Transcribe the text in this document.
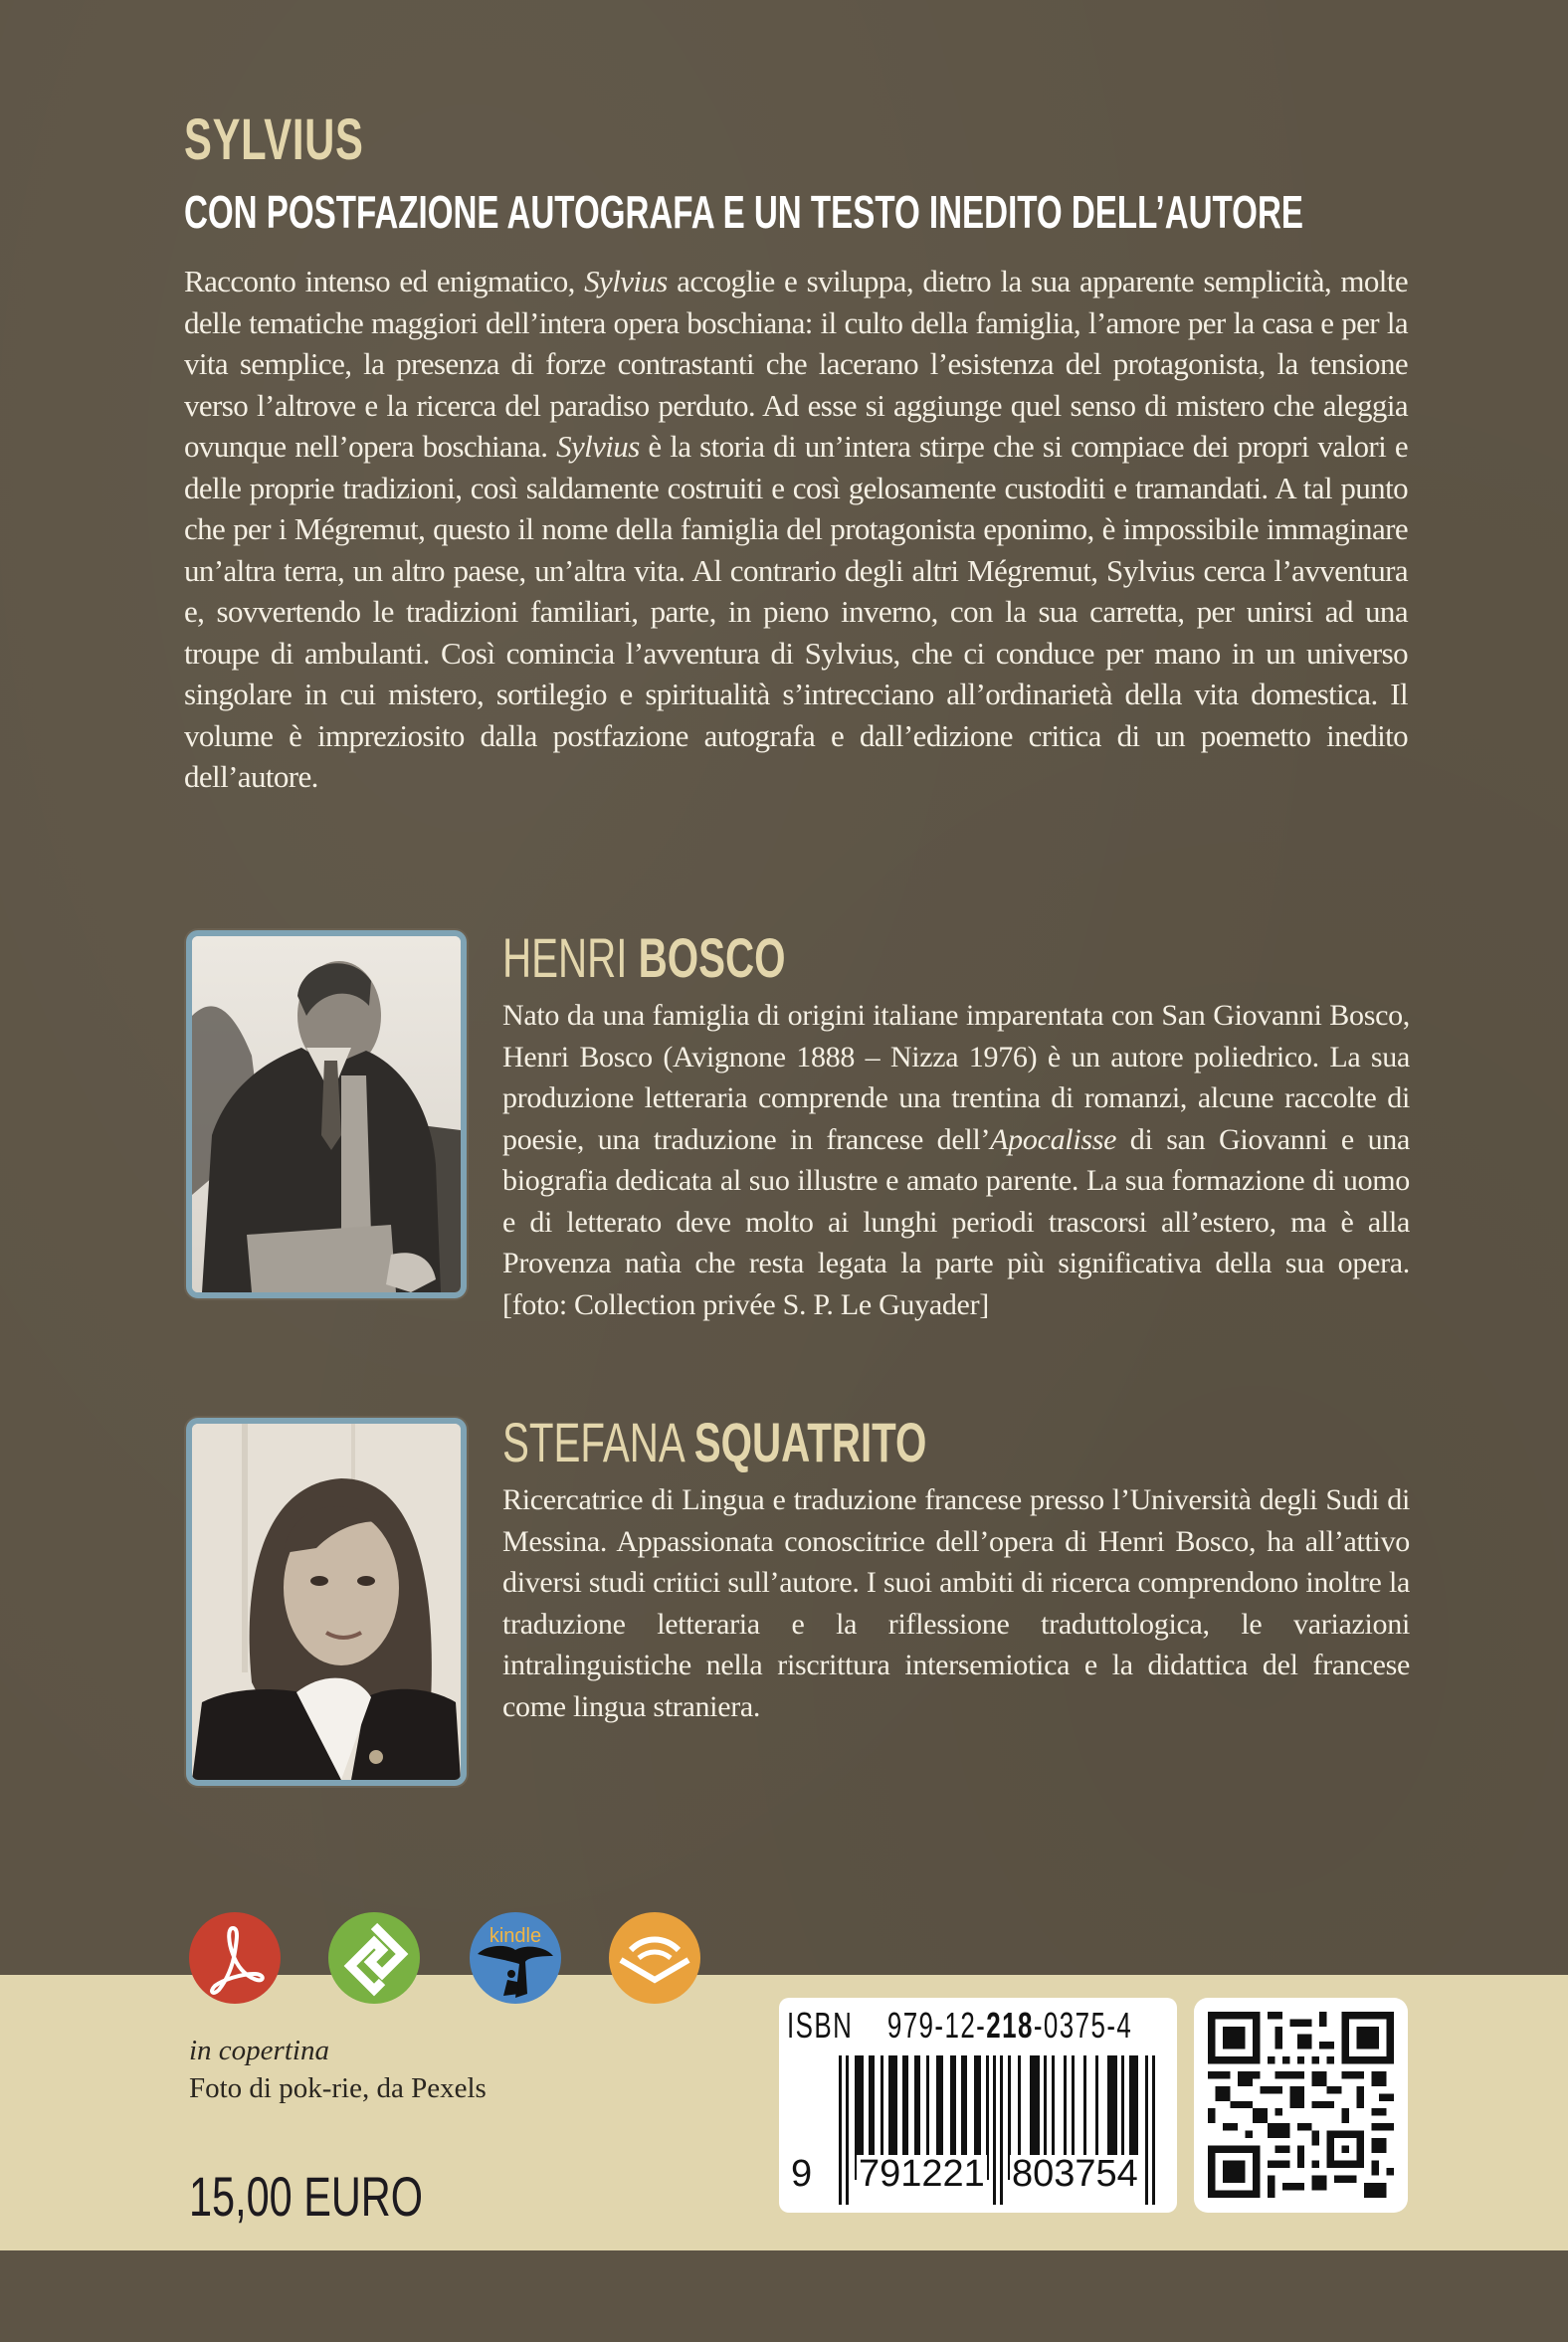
SYLVIUS
CON POSTFAZIONE AUTOGRAFA E UN TESTO INEDITO DELL’AUTORE

Racconto intenso ed enigmatico, Sylvius accoglie e sviluppa, dietro la sua apparente semplicità, molte delle tematiche maggiori dell’intera opera boschiana: il culto della famiglia, l’amore per la casa e per la vita semplice, la presenza di forze contrastanti che lacerano l’esistenza del protagonista, la tensione verso l’altrove e la ricerca del paradiso perduto. Ad esse si aggiunge quel senso di mistero che aleggia ovunque nell’opera boschiana. Sylvius è la storia di un’intera stirpe che si compiace dei propri valori e delle proprie tradizioni, così saldamente costruiti e così gelosamente custoditi e tramandati. A tal punto che per i Mégremut, questo il nome della famiglia del protagonista eponimo, è impossibile immaginare un’altra terra, un altro paese, un’altra vita. Al contrario degli altri Mégremut, Sylvius cerca l’avventura e, sovvertendo le tradizioni familiari, parte, in pieno inverno, con la sua carretta, per unirsi ad una troupe di ambulanti. Così comincia l’avventura di Sylvius, che ci conduce per mano in un universo singolare in cui mistero, sortilegio e spiritualità s’intrecciano all’ordinarietà della vita domestica. Il volume è impreziosito dalla postfazione autografa e dall’edizione critica di un poemetto inedito dell’autore.

HENRI BOSCO
Nato da una famiglia di origini italiane imparentata con San Giovanni Bosco, Henri Bosco (Avignone 1888 – Nizza 1976) è un autore poliedrico. La sua produzione letteraria comprende una trentina di romanzi, alcune raccolte di poesie, una traduzione in francese dell’Apocalisse di san Giovanni e una biografia dedicata al suo illustre e amato parente. La sua formazione di uomo e di letterato deve molto ai lunghi periodi trascorsi all’estero, ma è alla Provenza natìa che resta legata la parte più significativa della sua opera. [foto: Collection privée S. P. Le Guyader]
STEFANA SQUATRITO
Ricercatrice di Lingua e traduzione francese presso l’Università degli Sudi di Messina. Appassionata conoscitrice dell’opera di Henri Bosco, ha all’attivo diversi studi critici sull’autore. I suoi ambiti di ricerca comprendono inoltre la traduzione letteraria e la riflessione traduttologica, le variazioni intralinguistiche nella riscrittura intersemiotica e la didattica del francese come lingua straniera.
kindle
in copertina
Foto di pok-rie, da Pexels
15,00 EURO
ISBN 979-12-218-0375-4
9 791221 803754
